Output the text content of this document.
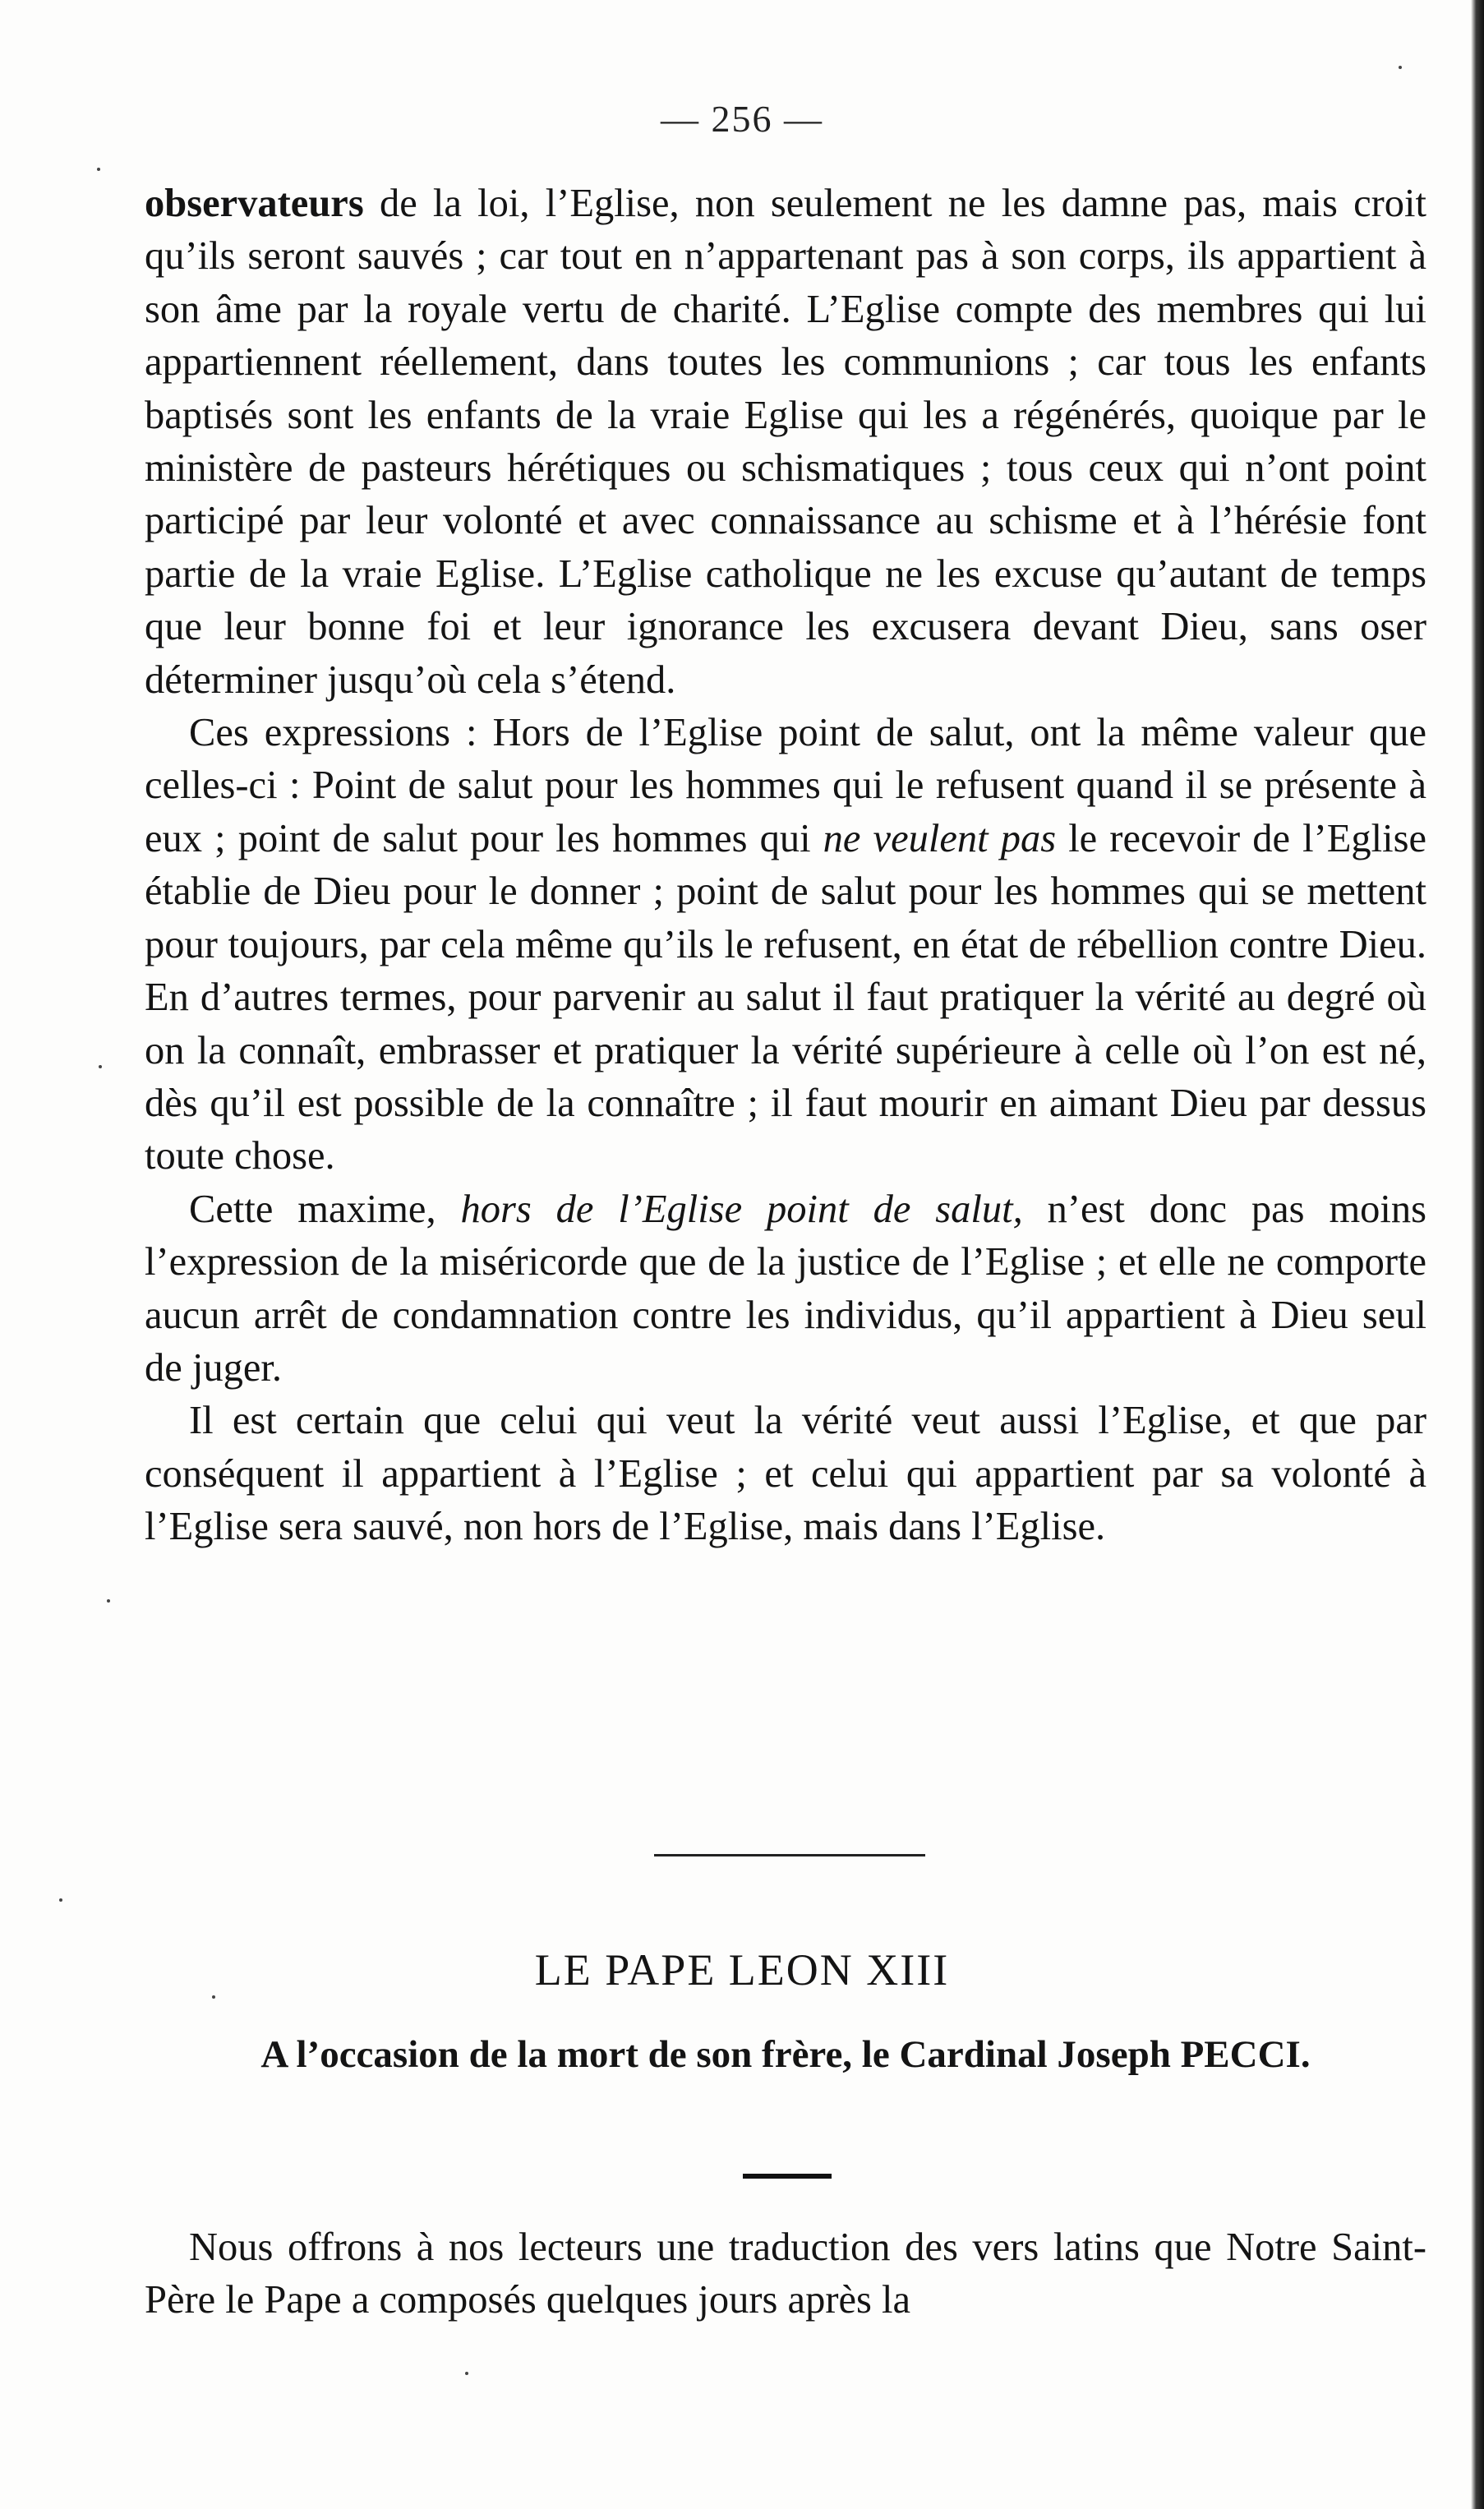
— 256 —

observateurs de la loi, l’Eglise, non seulement ne les damne pas, mais croit qu’ils seront sauvés ; car tout en n’appartenant pas à son corps, ils appartient à son âme par la royale vertu de charité. L’Eglise compte des membres qui lui appartiennent réellement, dans toutes les communions ; car tous les enfants baptisés sont les enfants de la vraie Eglise qui les a régénérés, quoique par le ministère de pasteurs hérétiques ou schismatiques ; tous ceux qui n’ont point participé par leur volonté et avec connaissance au schisme et à l’hérésie font partie de la vraie Eglise. L’Eglise catholique ne les excuse qu’autant de temps que leur bonne foi et leur ignorance les excusera devant Dieu, sans oser déterminer jusqu’où cela s’étend.

Ces expressions : Hors de l’Eglise point de salut, ont la même valeur que celles-ci : Point de salut pour les hommes qui le refusent quand il se présente à eux ; point de salut pour les hommes qui ne veulent pas le recevoir de l’Eglise établie de Dieu pour le donner ; point de salut pour les hommes qui se mettent pour toujours, par cela même qu’ils le refusent, en état de rébellion contre Dieu. En d’autres termes, pour parvenir au salut il faut pratiquer la vérité au degré où on la connaît, embrasser et pratiquer la vérité supérieure à celle où l’on est né, dès qu’il est possible de la connaître ; il faut mourir en aimant Dieu par dessus toute chose.

Cette maxime, hors de l’Eglise point de salut, n’est donc pas moins l’expression de la miséricorde que de la justice de l’Eglise ; et elle ne comporte aucun arrêt de condamnation contre les individus, qu’il appartient à Dieu seul de juger.

Il est certain que celui qui veut la vérité veut aussi l’Eglise, et que par conséquent il appartient à l’Eglise ; et celui qui appartient par sa volonté à l’Eglise sera sauvé, non hors de l’Eglise, mais dans l’Eglise.

LE PAPE LEON XIII
A l’occasion de la mort de son frère, le Cardinal Joseph PECCI.

Nous offrons à nos lecteurs une traduction des vers latins que Notre Saint-Père le Pape a composés quelques jours après la
